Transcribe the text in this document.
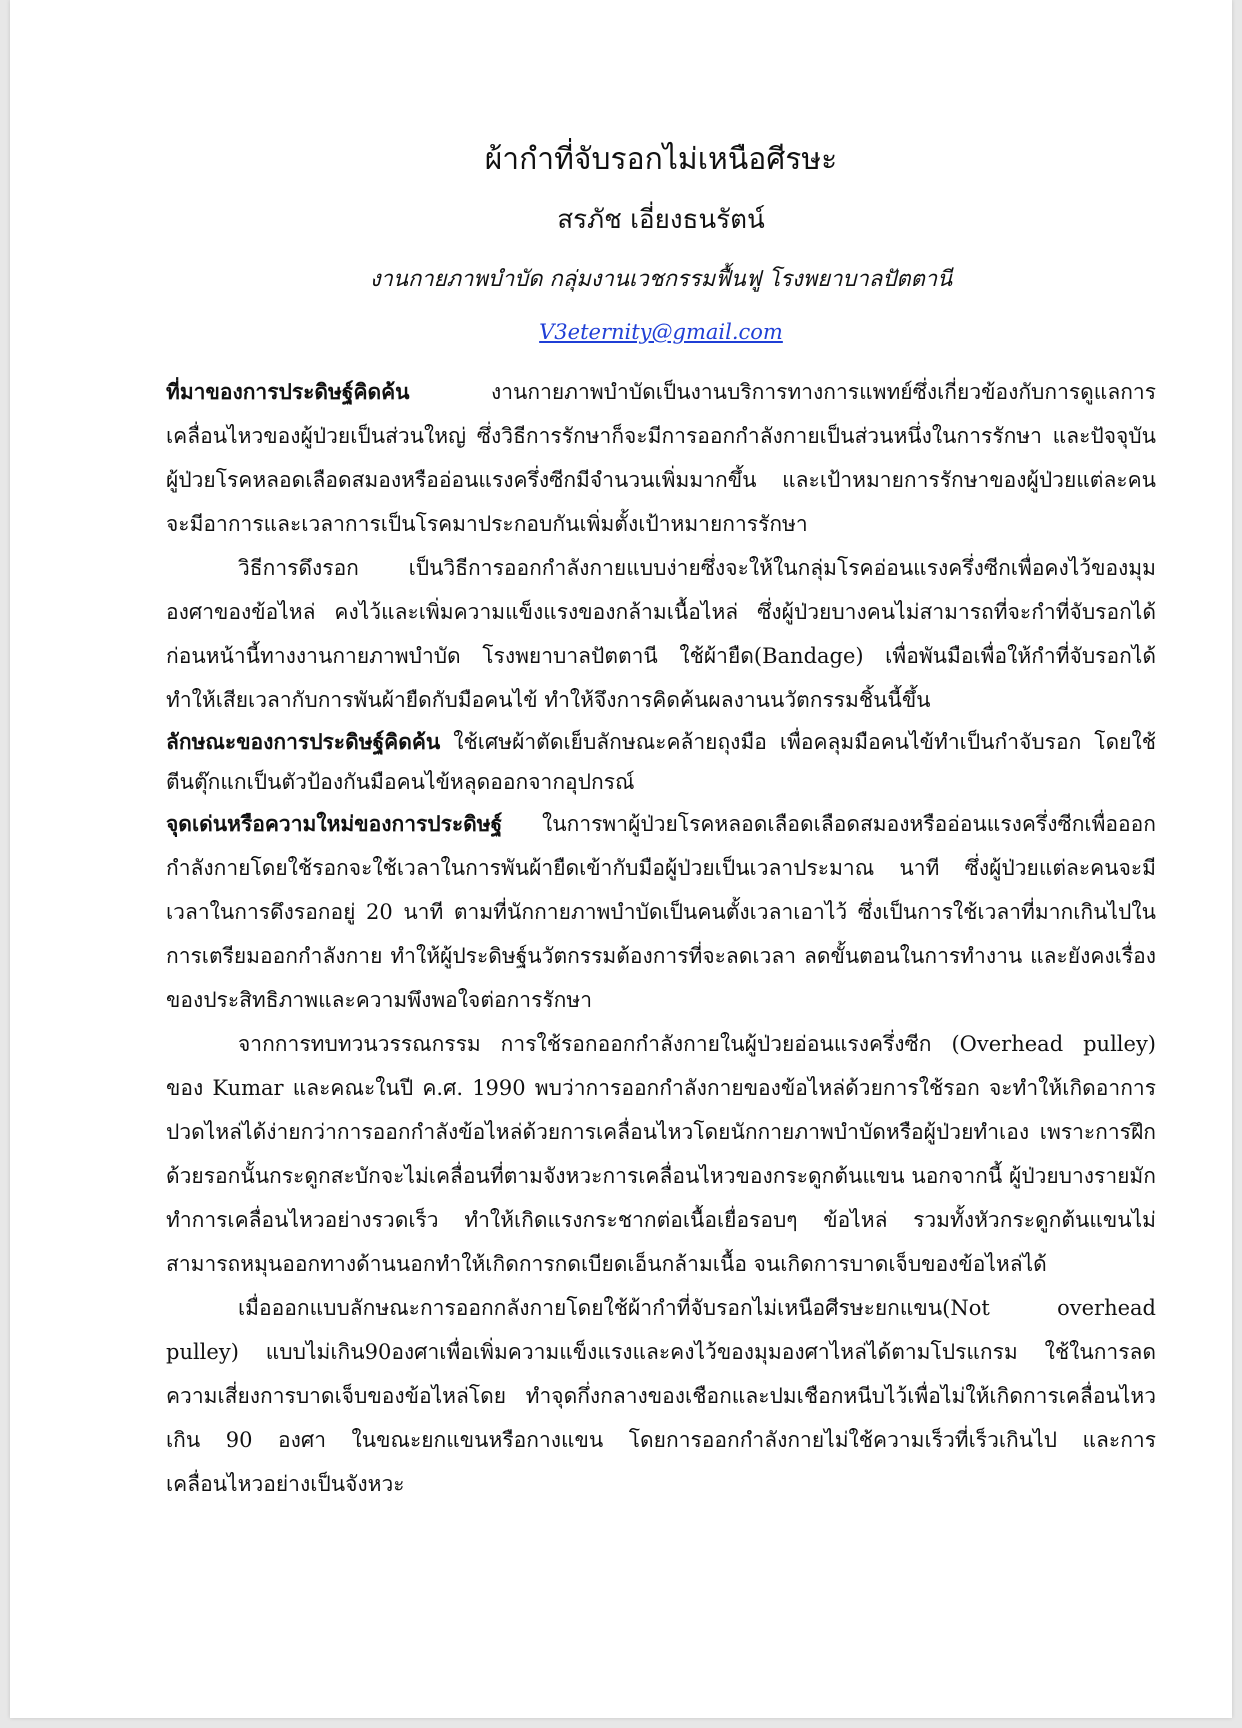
ผ้ากำที่จับรอกไม่เหนือศีรษะ

สรภัช เอี่ยงธนรัตน์

งานกายภาพบำบัด กลุ่มงานเวชกรรมฟื้นฟู โรงพยาบาลปัตตานี

V3eternity@gmail.com

ที่มาของการประดิษฐ์คิดค้น งานกายภาพบำบัดเป็นงานบริการทางการแพทย์ซึ่งเกี่ยวข้องกับการดูแลการเคลื่อนไหวของผู้ป่วยเป็นส่วนใหญ่ ซึ่งวิธีการรักษาก็จะมีการออกกำลังกายเป็นส่วนหนึ่งในการรักษา และปัจจุบันผู้ป่วยโรคหลอดเลือดสมองหรืออ่อนแรงครึ่งซีกมีจำนวนเพิ่มมากขึ้น และเป้าหมายการรักษาของผู้ป่วยแต่ละคนจะมีอาการและเวลาการเป็นโรคมาประกอบกันเพิ่มตั้งเป้าหมายการรักษา

วิธีการดึงรอก เป็นวิธีการออกกำลังกายแบบง่ายซึ่งจะให้ในกลุ่มโรคอ่อนแรงครึ่งซีกเพื่อคงไว้ของมุมองศาของข้อไหล่ คงไว้และเพิ่มความแข็งแรงของกล้ามเนื้อไหล่ ซึ่งผู้ป่วยบางคนไม่สามารถที่จะกำที่จับรอกได้ก่อนหน้านี้ทางงานกายภาพบำบัด โรงพยาบาลปัตตานี ใช้ผ้ายืด(Bandage) เพื่อพันมือเพื่อให้กำที่จับรอกได้ ทำให้เสียเวลากับการพันผ้ายืดกับมือคนไข้ ทำให้จึงการคิดค้นผลงานนวัตกรรมชิ้นนี้ขึ้น

ลักษณะของการประดิษฐ์คิดค้น ใช้เศษผ้าตัดเย็บลักษณะคล้ายถุงมือ เพื่อคลุมมือคนไข้ทำเป็นกำจับรอก โดยใช้ตีนตุ๊กแกเป็นตัวป้องกันมือคนไข้หลุดออกจากอุปกรณ์

จุดเด่นหรือความใหม่ของการประดิษฐ์ ในการพาผู้ป่วยโรคหลอดเลือดเลือดสมองหรืออ่อนแรงครึ่งซีกเพื่อออกกำลังกายโดยใช้รอกจะใช้เวลาในการพันผ้ายืดเข้ากับมือผู้ป่วยเป็นเวลาประมาณ นาที ซึ่งผู้ป่วยแต่ละคนจะมีเวลาในการดึงรอกอยู่ 20 นาที ตามที่นักกายภาพบำบัดเป็นคนตั้งเวลาเอาไว้ ซึ่งเป็นการใช้เวลาที่มากเกินไปในการเตรียมออกกำลังกาย ทำให้ผู้ประดิษฐ์นวัตกรรมต้องการที่จะลดเวลา ลดขั้นตอนในการทำงาน และยังคงเรื่องของประสิทธิภาพและความพึงพอใจต่อการรักษา

จากการทบทวนวรรณกรรม การใช้รอกออกกำลังกายในผู้ป่วยอ่อนแรงครึ่งซีก (Overhead pulley) ของ Kumar และคณะในปี ค.ศ. 1990 พบว่าการออกกำลังกายของข้อไหล่ด้วยการใช้รอก จะทำให้เกิดอาการปวดไหล่ได้ง่ายกว่าการออกกำลังข้อไหล่ด้วยการเคลื่อนไหวโดยนักกายภาพบำบัดหรือผู้ป่วยทำเอง เพราะการฝึกด้วยรอกนั้นกระดูกสะบักจะไม่เคลื่อนที่ตามจังหวะการเคลื่อนไหวของกระดูกต้นแขน นอกจากนี้ ผู้ป่วยบางรายมักทำการเคลื่อนไหวอย่างรวดเร็ว ทำให้เกิดแรงกระชากต่อเนื้อเยื่อรอบๆ ข้อไหล่ รวมทั้งหัวกระดูกต้นแขนไม่สามารถหมุนออกทางด้านนอกทำให้เกิดการกดเบียดเอ็นกล้ามเนื้อ จนเกิดการบาดเจ็บของข้อไหล่ได้

เมื่อออกแบบลักษณะการออกกลังกายโดยใช้ผ้ากำที่จับรอกไม่เหนือศีรษะยกแขน(Not overhead pulley) แบบไม่เกิน90องศาเพื่อเพิ่มความแข็งแรงและคงไว้ของมุมองศาไหล่ได้ตามโปรแกรม ใช้ในการลดความเสี่ยงการบาดเจ็บของข้อไหล่โดย ทำจุดกึ่งกลางของเชือกและปมเชือกหนีบไว้เพื่อไม่ให้เกิดการเคลื่อนไหวเกิน 90 องศา ในขณะยกแขนหรือกางแขน โดยการออกกำลังกายไม่ใช้ความเร็วที่เร็วเกินไป และการเคลื่อนไหวอย่างเป็นจังหวะ
